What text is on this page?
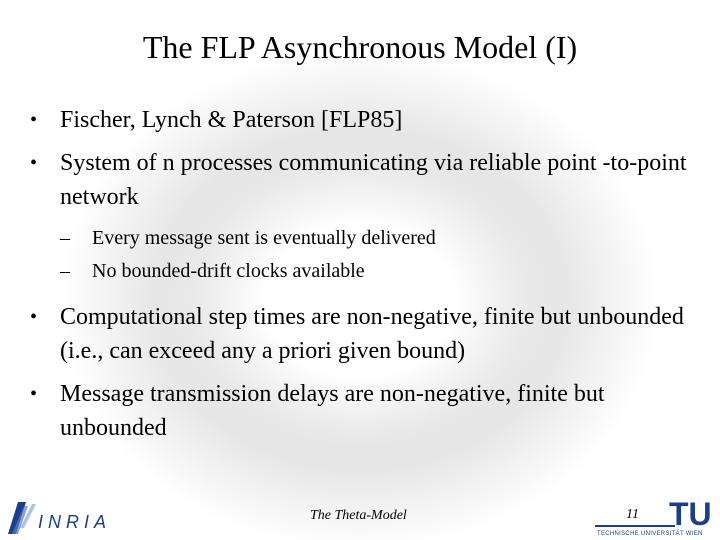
The FLP Asynchronous Model (I)
• Fischer, Lynch & Paterson [FLP85]
• System of n processes communicating via reliable point -to-point network
– Every message sent is eventually delivered
– No bounded-drift clocks available
• Computational step times are non-negative, finite but unbounded (i.e., can exceed any a priori given bound)
• Message transmission delays are non-negative, finite but unbounded
INRIA	The Theta-Model	11 TU
TECHNISCHE UNIVERSITÄT WIEN
